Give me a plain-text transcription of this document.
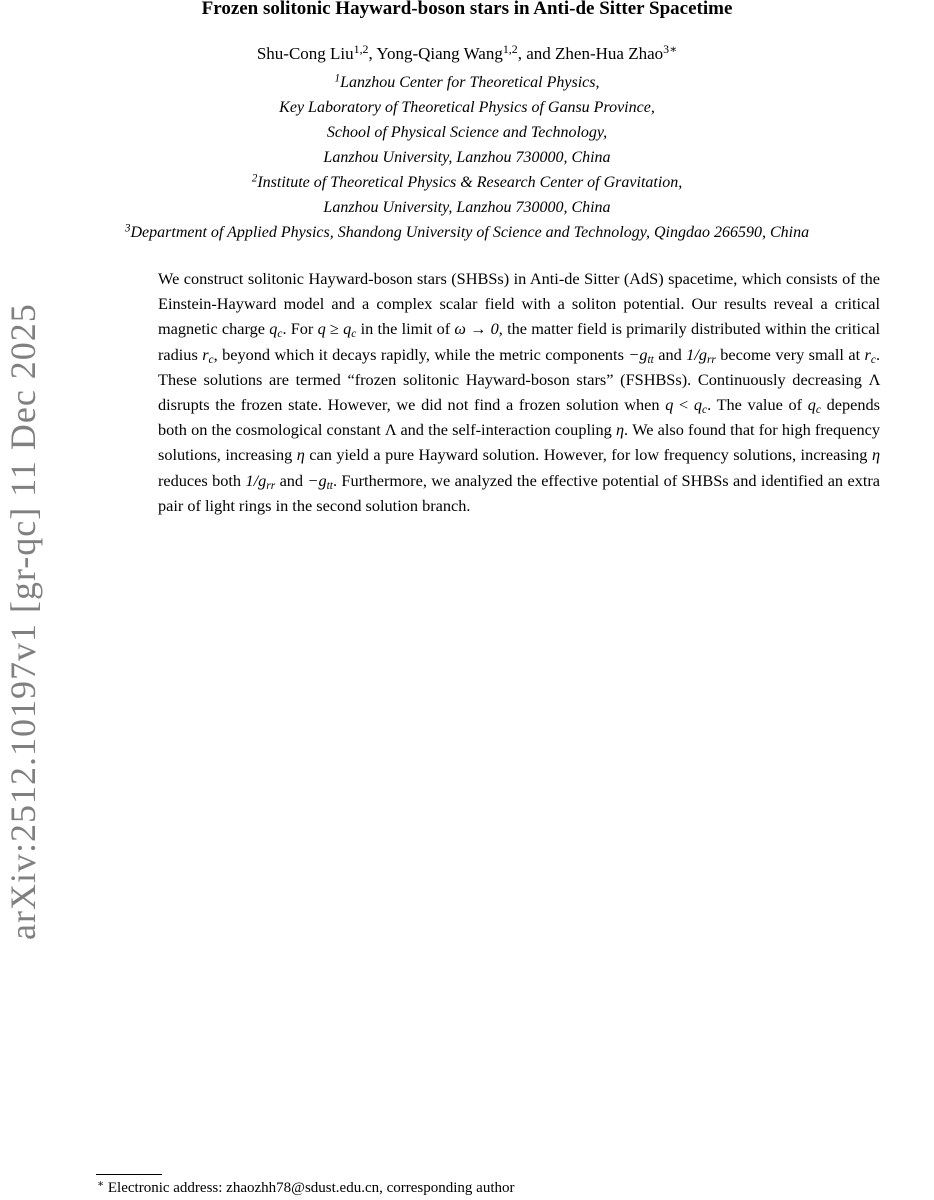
arXiv:2512.10197v1 [gr-qc] 11 Dec 2025
Frozen solitonic Hayward-boson stars in Anti-de Sitter Spacetime
Shu-Cong Liu$^{1,2}$, Yong-Qiang Wang$^{1,2}$, and Zhen-Hua Zhao$^{3∗}$
$^1$Lanzhou Center for Theoretical Physics,
Key Laboratory of Theoretical Physics of Gansu Province,
School of Physical Science and Technology,
Lanzhou University, Lanzhou 730000, China
$^2$Institute of Theoretical Physics & Research Center of Gravitation,
Lanzhou University, Lanzhou 730000, China
$^3$Department of Applied Physics, Shandong University of Science and Technology, Qingdao 266590, China

We construct solitonic Hayward-boson stars (SHBSs) in Anti-de Sitter (AdS) spacetime, which consists of the Einstein-Hayward model and a complex scalar field with a soliton potential. Our results reveal a critical magnetic charge $q_c$. For $q \ge q_c$ in the limit of ω → 0, the matter field is primarily distributed within the critical radius $r_c$, beyond which it decays rapidly, while the metric components $-g_{tt}$ and $1/g_{rr}$ become very small at $r_c$. These solutions are termed “frozen solitonic Hayward-boson stars” (FSHBSs). Continuously decreasing Λ disrupts the frozen state. However, we did not find a frozen solution when $q < q_c$. The value of $q_c$ depends both on the cosmological constant Λ and the self-interaction coupling η. We also found that for high frequency solutions, increasing η can yield a pure Hayward solution. However, for low frequency solutions, increasing η reduces both $1/g_{rr}$ and $-g_{tt}$. Furthermore, we analyzed the effective potential of SHBSs and identified an extra pair of light rings in the second solution branch.

∗ Electronic address: zhaozhh78@sdust.edu.cn, corresponding author
